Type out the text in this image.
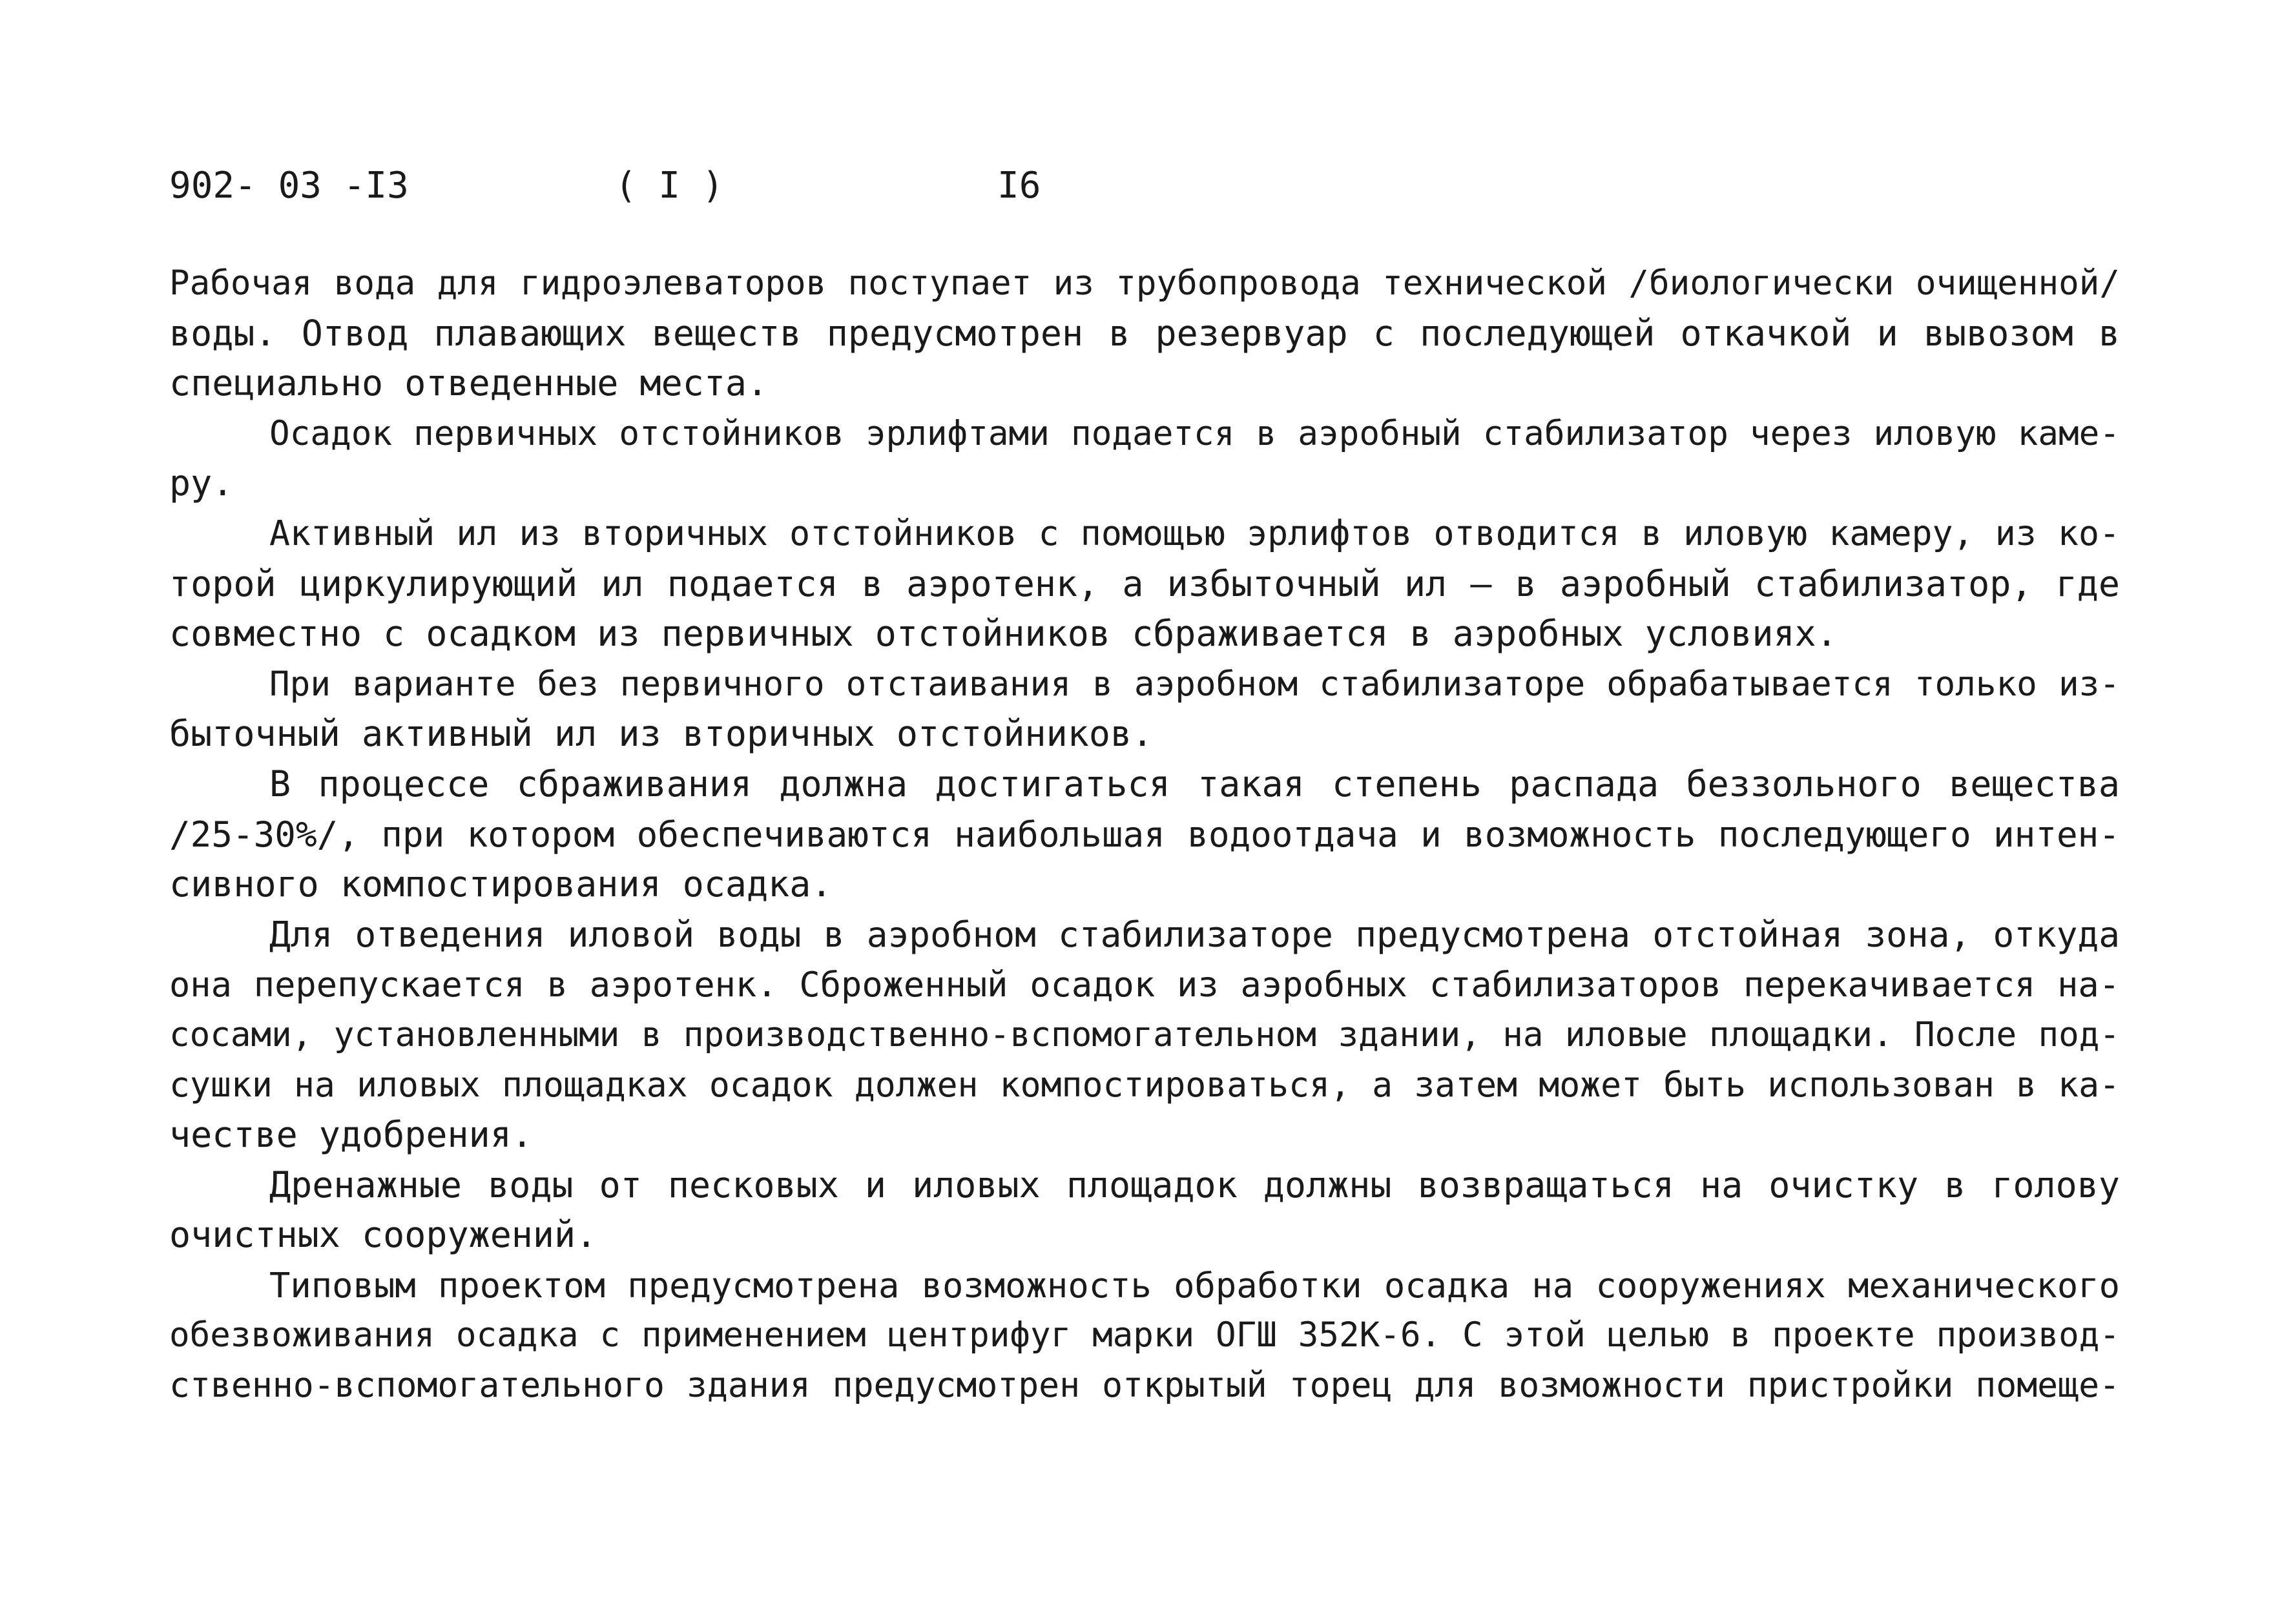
902- 03 -I3	( I )	I6
Рабочая вода для гидроэлеваторов поступает из трубопровода технической /биологически очищенной/
воды. Отвод плавающих веществ предусмотрен в резервуар с последующей откачкой и вывозом в
специально отведенные места.
Осадок первичных отстойников эрлифтами подается в аэробный стабилизатор через иловую каме-
ру.
Активный ил из вторичных отстойников с помощью эрлифтов отводится в иловую камеру, из ко-
торой циркулирующий ил подается в аэротенк, а избыточный ил – в аэробный стабилизатор, где
совместно с осадком из первичных отстойников сбраживается в аэробных условиях.
При варианте без первичного отстаивания в аэробном стабилизаторе обрабатывается только из-
быточный активный ил из вторичных отстойников.
В процессе сбраживания должна достигаться такая степень распада беззольного вещества
/25-30%/, при котором обеспечиваются наибольшая водоотдача и возможность последующего интен-
сивного компостирования осадка.
Для отведения иловой воды в аэробном стабилизаторе предусмотрена отстойная зона, откуда
она перепускается в аэротенк. Сброженный осадок из аэробных стабилизаторов перекачивается на-
сосами, установленными в производственно-вспомогательном здании, на иловые площадки. После под-
сушки на иловых площадках осадок должен компостироваться, а затем может быть использован в ка-
честве удобрения.
Дренажные воды от песковых и иловых площадок должны возвращаться на очистку в голову
очистных сооружений.
Типовым проектом предусмотрена возможность обработки осадка на сооружениях механического
обезвоживания осадка с применением центрифуг марки ОГШ 352К-6. С этой целью в проекте производ-
ственно-вспомогательного здания предусмотрен открытый торец для возможности пристройки помеще-
